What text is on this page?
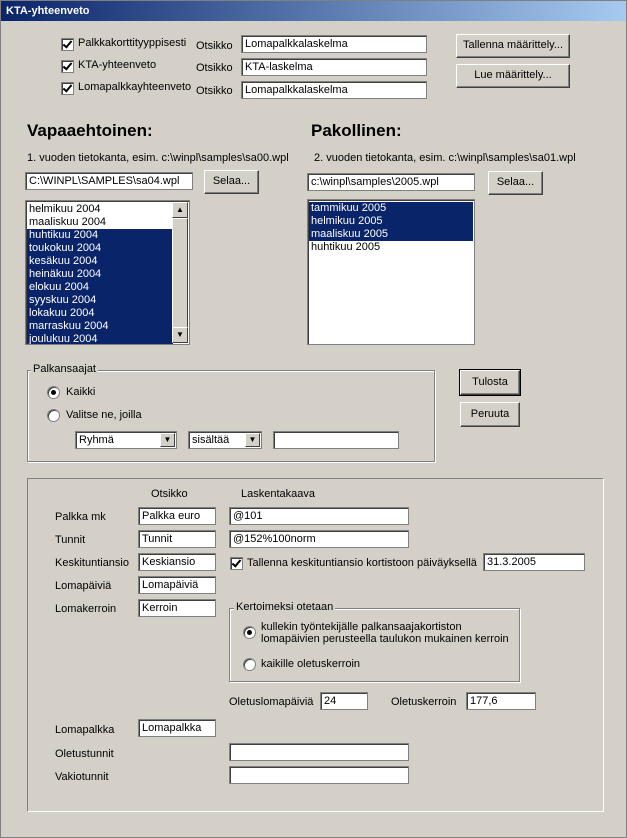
KTA-yhteenveto
Palkkakorttityyppisesti Otsikko	Lomapalkkalaskelma
KTA-yhteenveto	Otsikko	KTA-laskelma
Lomapalkkayhteenveto Otsikko	Lomapalkkalaskelma
Tallenna määrittely...
Lue määrittely...
Vapaaehtoinen:
1. vuoden tietokanta, esim. c:\winpl\samples\sa00.wpl
C:\WINPL\SAMPLES\sa04.wpl	Selaa...
helmikuu 2004
maaliskuu 2004
huhtikuu 2004
toukokuu 2004
kesäkuu 2004
heinäkuu 2004
elokuu 2004
syyskuu 2004
lokakuu 2004
marraskuu 2004
joulukuu 2004
▲
▼
Pakollinen:
2. vuoden tietokanta, esim. c:\winpl\samples\sa01.wpl
c:\winpl\samples\2005.wpl	Selaa...
tammikuu 2005
helmikuu 2005
maaliskuu 2005
huhtikuu 2005
Palkansaajat
Kaikki
Valitse ne, joilla
Ryhmä	▼	sisältää	▼
Tulosta
Peruuta
Otsikko	Laskentakaava
Palkka mk	Palkka euro	@101
Tunnit	Tunnit	@152%100norm
Keskituntiansio	Keskiansio	Tallenna keskituntiansio kortistoon päiväyksellä 31.3.2005
Lomapäiviä	Lomapäiviä
Lomakerroin	Kerroin	Kertoimeksi otetaan
kullekin työntekijälle palkansaajakortiston lomapäivien perusteella taulukon mukainen kerroin
kaikille oletuskerroin
Oletuslomapäiviä 24	Oletuskerroin	177,6
Lomapalkka	Lomapalkka
Oletustunnit
Vakiotunnit
